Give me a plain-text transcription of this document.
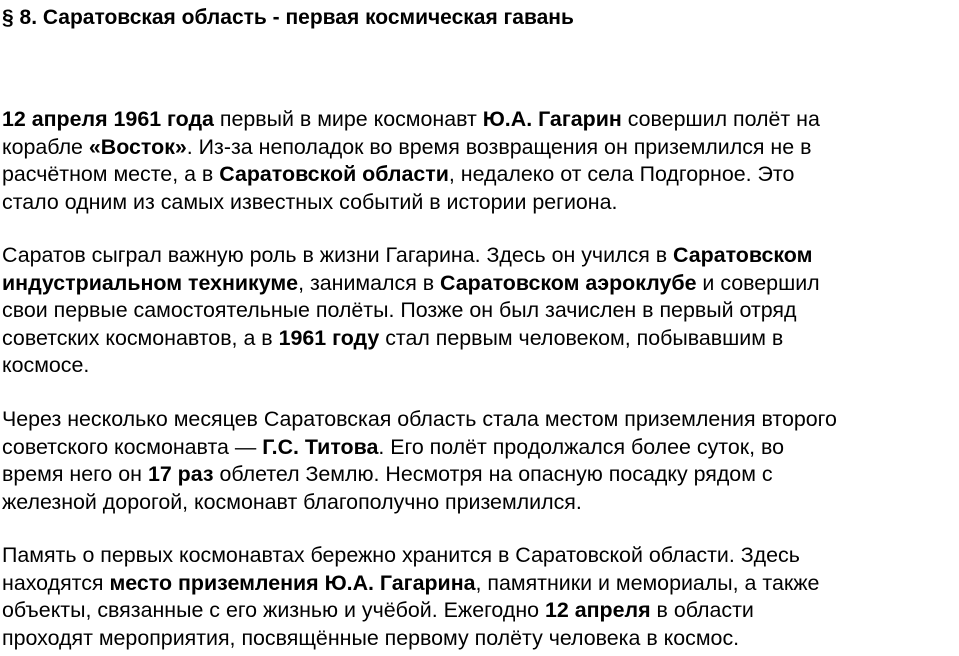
§ 8. Саратовская область - первая космическая гавань

12 апреля 1961 года первый в мире космонавт Ю.А. Гагарин совершил полёт на
корабле «Восток». Из-за неполадок во время возвращения он приземлился не в
расчётном месте, а в Саратовской области, недалеко от села Подгорное. Это
стало одним из самых известных событий в истории региона.

Саратов сыграл важную роль в жизни Гагарина. Здесь он учился в Саратовском
индустриальном техникуме, занимался в Саратовском аэроклубе и совершил
свои первые самостоятельные полёты. Позже он был зачислен в первый отряд
советских космонавтов, а в 1961 году стал первым человеком, побывавшим в
космосе.

Через несколько месяцев Саратовская область стала местом приземления второго
советского космонавта — Г.С. Титова. Его полёт продолжался более суток, во
время него он 17 раз облетел Землю. Несмотря на опасную посадку рядом с
железной дорогой, космонавт благополучно приземлился.

Память о первых космонавтах бережно хранится в Саратовской области. Здесь
находятся место приземления Ю.А. Гагарина, памятники и мемориалы, а также
объекты, связанные с его жизнью и учёбой. Ежегодно 12 апреля в области
проходят мероприятия, посвящённые первому полёту человека в космос.
